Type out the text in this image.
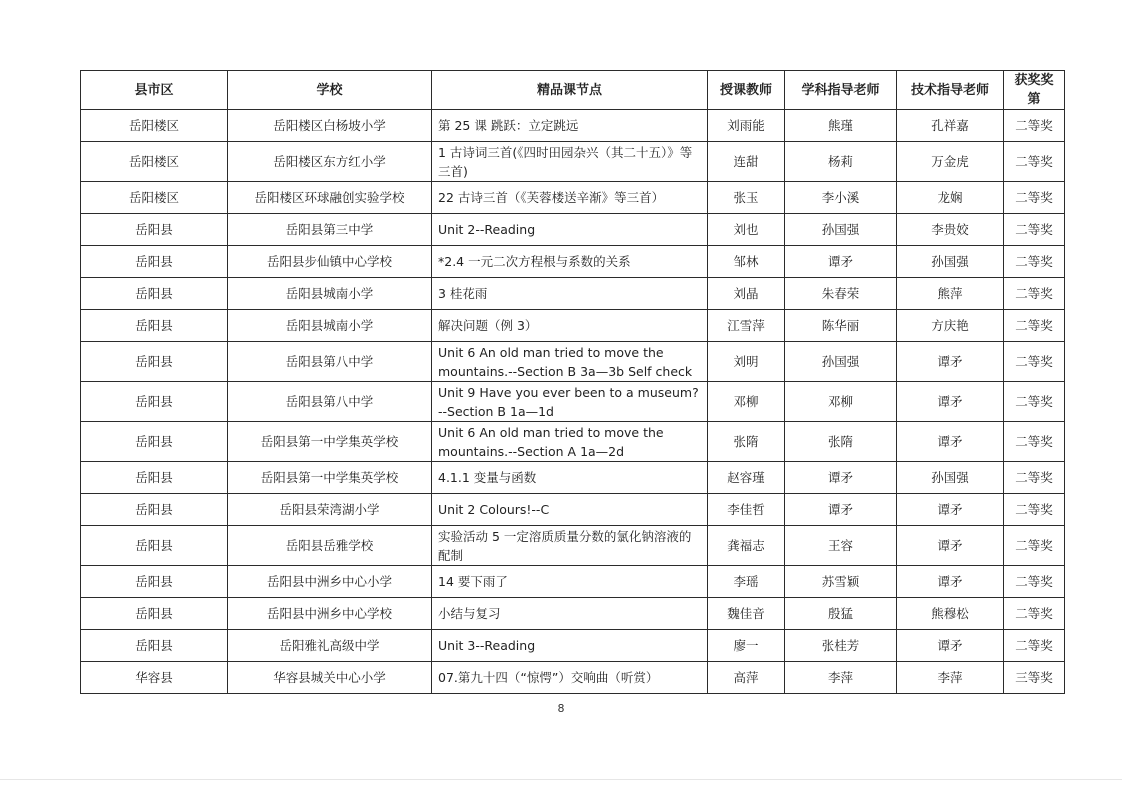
县市区	学校	精品课节点	授课教师	学科指导老师	技术指导老师	获奖奖第
岳阳楼区	岳阳楼区白杨坡小学	第 25 课 跳跃：立定跳远	刘雨能	熊瑾	孔祥嘉	二等奖
岳阳楼区	岳阳楼区东方红小学	1 古诗词三首(《四时田园杂兴（其二十五）》等三首)	连甜	杨莉	万金虎	二等奖
岳阳楼区	岳阳楼区环球融创实验学校	22 古诗三首（《芙蓉楼送辛渐》等三首）	张玉	李小溪	龙娴	二等奖
岳阳县	岳阳县第三中学	Unit 2--Reading	刘也	孙国强	李贵姣	二等奖
岳阳县	岳阳县步仙镇中心学校	*2.4 一元二次方程根与系数的关系	邹林	谭矛	孙国强	二等奖
岳阳县	岳阳县城南小学	3 桂花雨	刘晶	朱春荣	熊萍	二等奖
岳阳县	岳阳县城南小学	解决问题（例 3）	江雪萍	陈华丽	方庆艳	二等奖
岳阳县	岳阳县第八中学	Unit 6 An old man tried to move the mountains.--Section B 3a—3b Self check	刘明	孙国强	谭矛	二等奖
岳阳县	岳阳县第八中学	Unit 9 Have you ever been to a museum?--Section B 1a—1d	邓柳	邓柳	谭矛	二等奖
岳阳县	岳阳县第一中学集英学校	Unit 6 An old man tried to move the mountains.--Section A 1a—2d	张隋	张隋	谭矛	二等奖
岳阳县	岳阳县第一中学集英学校	4.1.1 变量与函数	赵容瑾	谭矛	孙国强	二等奖
岳阳县	岳阳县荣湾湖小学	Unit 2 Colours!--C	李佳哲	谭矛	谭矛	二等奖
岳阳县	岳阳县岳雅学校	实验活动 5 一定溶质质量分数的氯化钠溶液的配制	龚福志	王容	谭矛	二等奖
岳阳县	岳阳县中洲乡中心小学	14 要下雨了	李瑶	苏雪颖	谭矛	二等奖
岳阳县	岳阳县中洲乡中心学校	小结与复习	魏佳音	殷猛	熊穆松	二等奖
岳阳县	岳阳雅礼高级中学	Unit 3--Reading	廖一	张桂芳	谭矛	二等奖
华容县	华容县城关中心小学	07.第九十四（“惊愕”）交响曲（听赏）	高萍	李萍	李萍	三等奖
8
